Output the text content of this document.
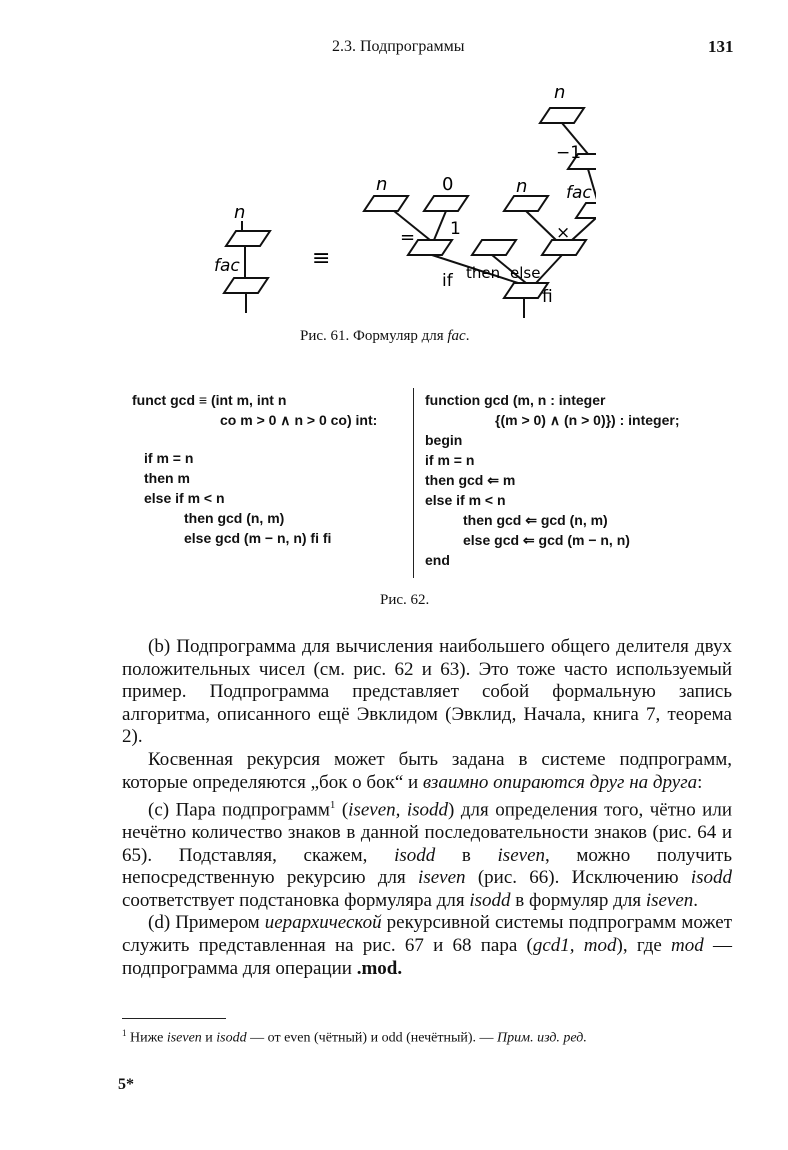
2.3. Подпрограммы	131
n
fac	≡
n
−1
fac
n	0	n
1
=	×
if then else
fi
Рис. 61. Формуляр для fac.
funct gcd ≡ (int m, int n
co m > 0 ∧ n > 0 co) int:
if m = n
then m
else if m < n
then gcd (n, m)
else gcd (m − n, n) fi fi
function gcd (m, n : integer
{(m > 0) ∧ (n > 0)}) : integer;
begin
if m = n
then gcd ⇐ m
else if m < n
then gcd ⇐ gcd (n, m)
else gcd ⇐ gcd (m − n, n)
end
Рис. 62.

(b) Подпрограмма для вычисления наибольшего общего делителя двух положительных чисел (см. рис. 62 и 63). Это тоже часто используемый пример. Подпрограмма представляет собой формальную запись алгоритма, описанного ещё Эвклидом (Эвклид, Начала, книга 7, теорема 2).

Косвенная рекурсия может быть задана в системе подпрограмм, которые определяются „бок о бок“ и взаимно опираются друг на друга:

(c) Пара подпрограмм$^1$ (iseven, isodd) для определения того, чётно или нечётно количество знаков в данной последовательности знаков (рис. 64 и 65). Подставляя, скажем, isodd в iseven, можно получить непосредственную рекурсию для iseven (рис. 66). Исключению isodd соответствует подстановка формуляра для isodd в формуляр для iseven.

(d) Примером иерархической рекурсивной системы подпрограмм может служить представленная на рис. 67 и 68 пара (gcd1, mod), где mod — подпрограмма для операции .mod.

$^1$ Ниже iseven и isodd — от even (чётный) и odd (нечётный). — Прим. изд. ред.
5*
